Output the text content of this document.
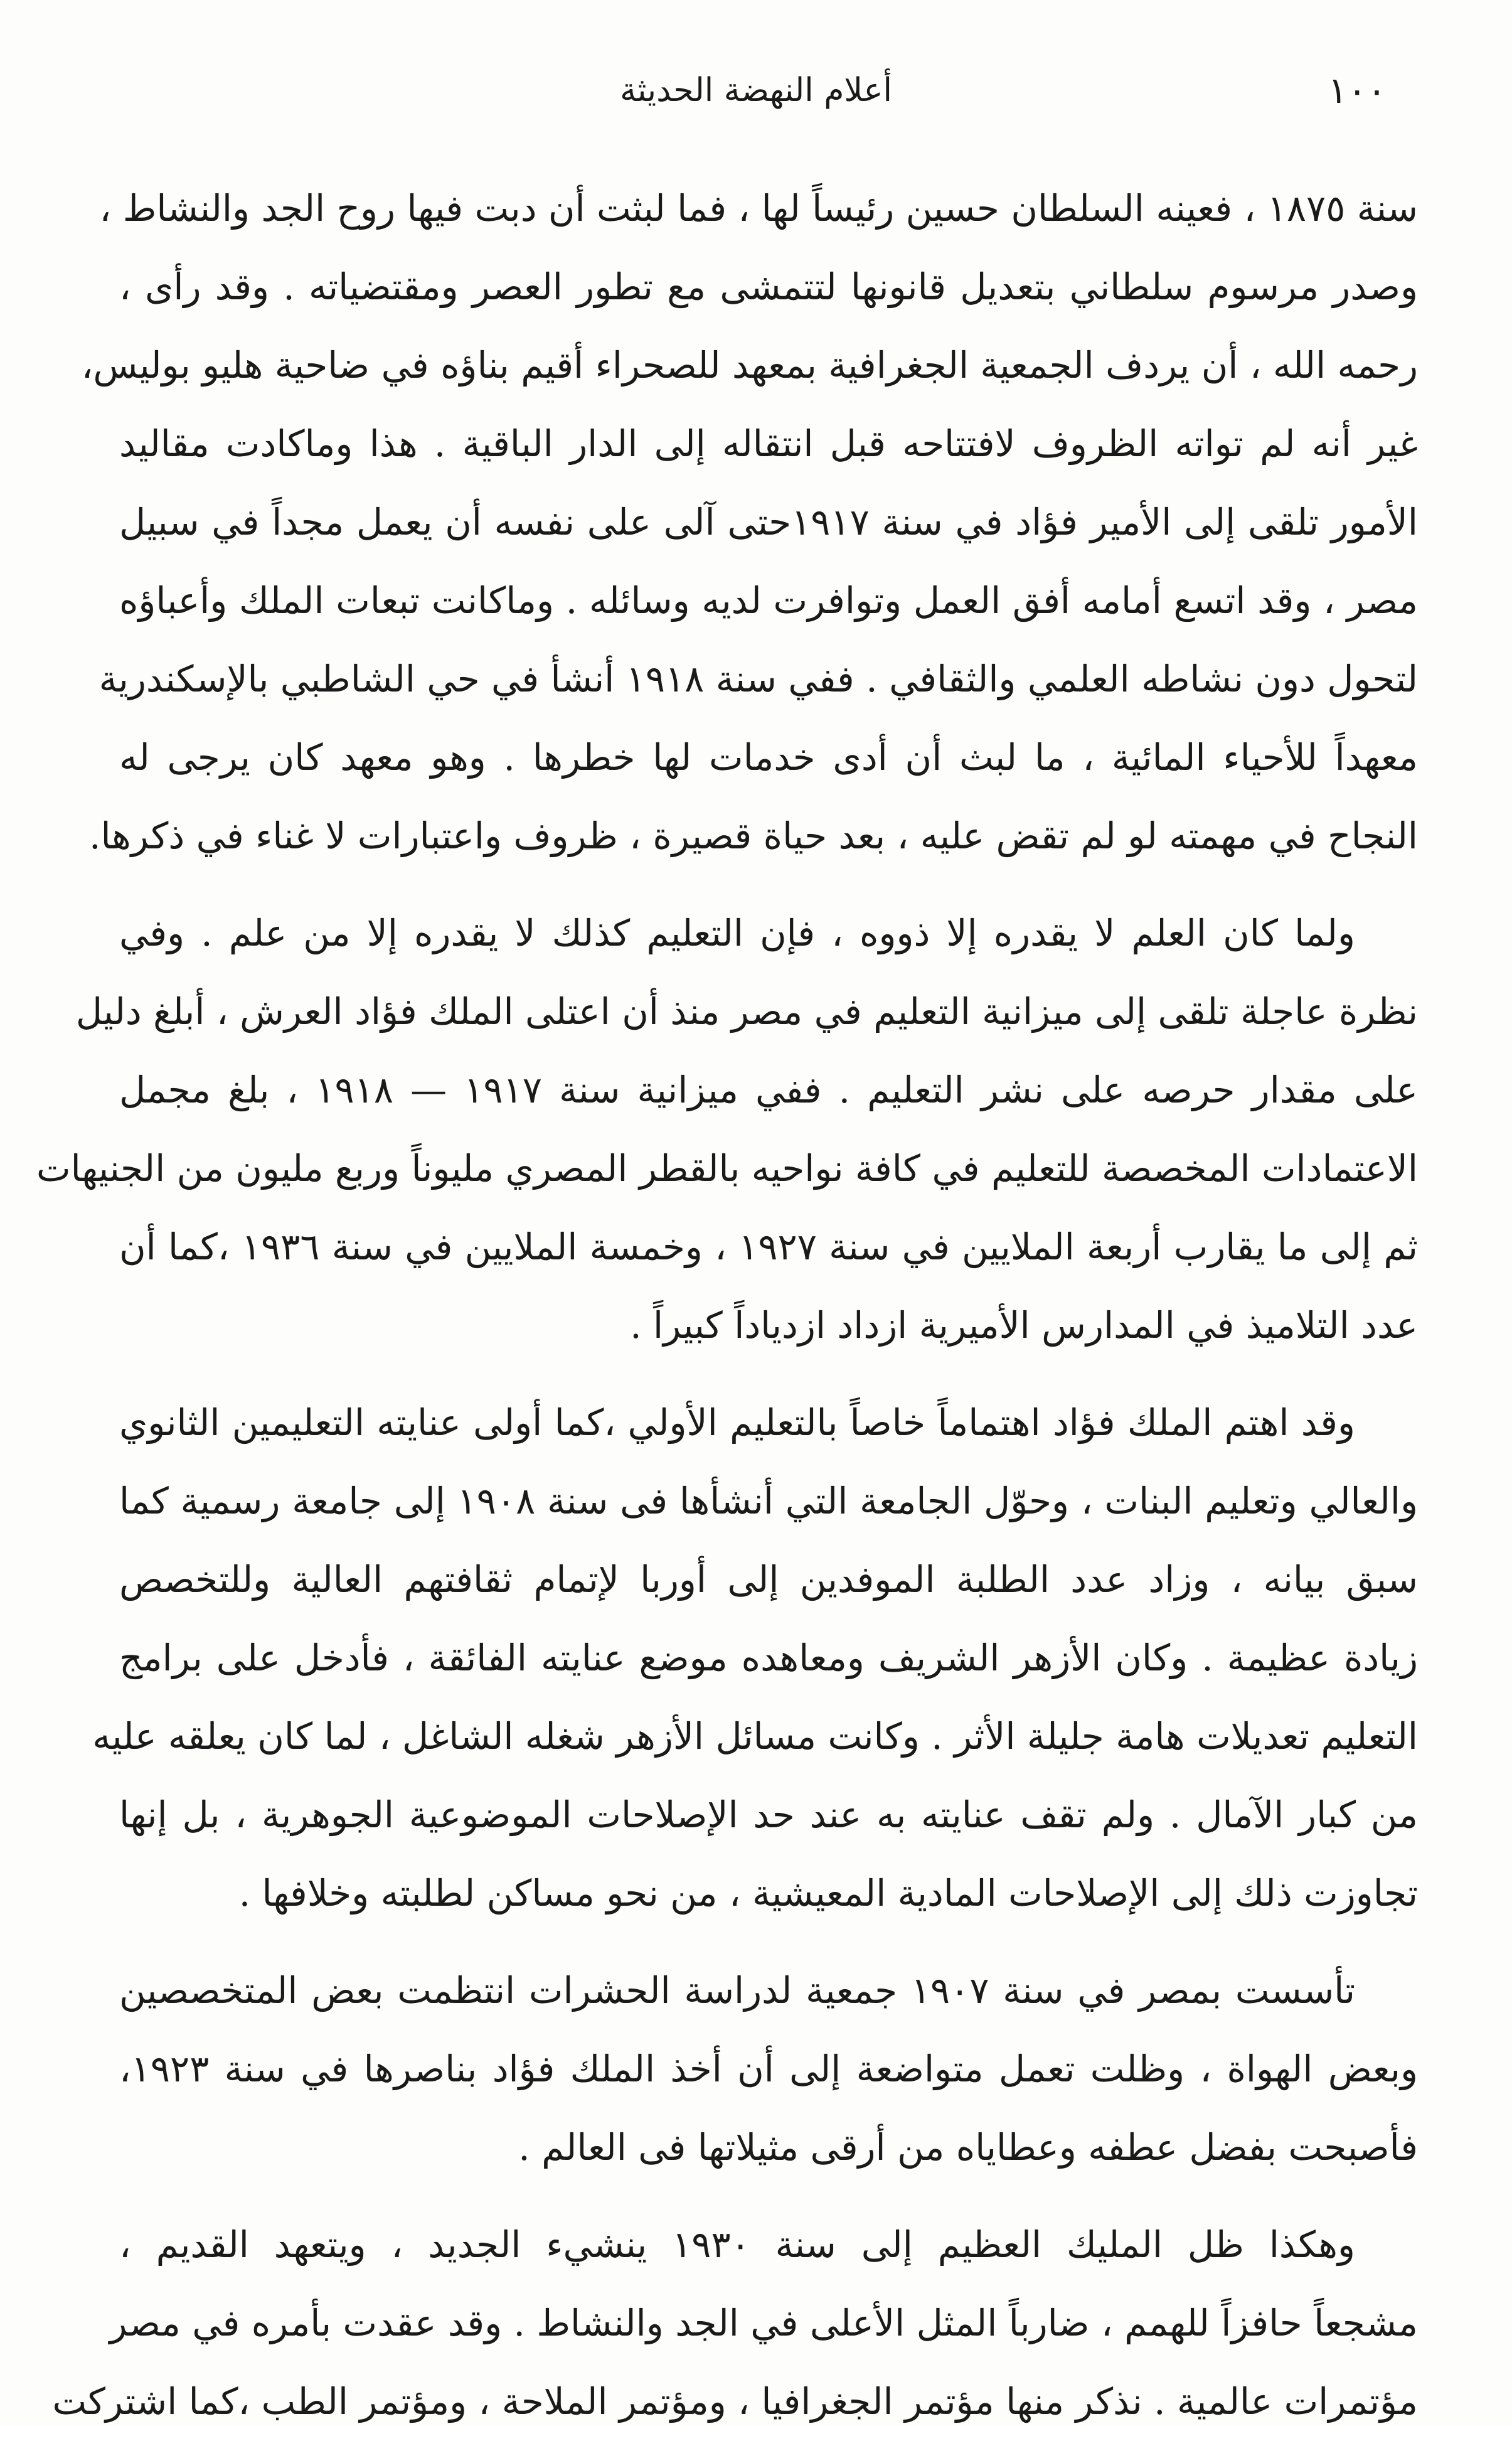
١٠٠
أعلام النهضة الحديثة

سنة ١٨٧٥ ، فعينه السلطان حسين رئيساً لها ، فما لبثت أن دبت فيها روح الجد والنشاط ،
وصدر مرسوم سلطاني بتعديل قانونها لتتمشى مع تطور العصر ومقتضياته . وقد رأى ،
رحمه الله ، أن يردف الجمعية الجغرافية بمعهد للصحراء أقيم بناؤه في ضاحية هليو بوليس،
غير أنه لم تواته الظروف لافتتاحه قبل انتقاله إلى الدار الباقية . هذا وماكادت مقاليد
الأمور تلقى إلى الأمير فؤاد في سنة ١٩١٧حتى آلى على نفسه أن يعمل مجداً في سبيل
مصر ، وقد اتسع أمامه أفق العمل وتوافرت لديه وسائله . وماكانت تبعات الملك وأعباؤه
لتحول دون نشاطه العلمي والثقافي . ففي سنة ١٩١٨ أنشأ في حي الشاطبي بالإسكندرية
معهداً للأحياء المائية ، ما لبث أن أدى خدمات لها خطرها . وهو معهد كان يرجى له
النجاح في مهمته لو لم تقض عليه ، بعد حياة قصيرة ، ظروف واعتبارات لا غناء في ذكرها.

ولما كان العلم لا يقدره إلا ذووه ، فإن التعليم كذلك لا يقدره إلا من علم . وفي
نظرة عاجلة تلقى إلى ميزانية التعليم في مصر منذ أن اعتلى الملك فؤاد العرش ، أبلغ دليل
على مقدار حرصه على نشر التعليم . ففي ميزانية سنة ١٩١٧ — ١٩١٨ ، بلغ مجمل
الاعتمادات المخصصة للتعليم في كافة نواحيه بالقطر المصري مليوناً وربع مليون من الجنيهات
ثم إلى ما يقارب أربعة الملايين في سنة ١٩٢٧ ، وخمسة الملايين في سنة ١٩٣٦ ،كما أن
عدد التلاميذ في المدارس الأميرية ازداد ازدياداً كبيراً .

وقد اهتم الملك فؤاد اهتماماً خاصاً بالتعليم الأولي ،كما أولى عنايته التعليمين الثانوي
والعالي وتعليم البنات ، وحوّل الجامعة التي أنشأها فى سنة ١٩٠٨ إلى جامعة رسمية كما
سبق بيانه ، وزاد عدد الطلبة الموفدين إلى أوربا لإتمام ثقافتهم العالية وللتخصص
زيادة عظيمة . وكان الأزهر الشريف ومعاهده موضع عنايته الفائقة ، فأدخل على برامج
التعليم تعديلات هامة جليلة الأثر . وكانت مسائل الأزهر شغله الشاغل ، لما كان يعلقه عليه
من كبار الآمال . ولم تقف عنايته به عند حد الإصلاحات الموضوعية الجوهرية ، بل إنها
تجاوزت ذلك إلى الإصلاحات المادية المعيشية ، من نحو مساكن لطلبته وخلافها .

تأسست بمصر في سنة ١٩٠٧ جمعية لدراسة الحشرات انتظمت بعض المتخصصين
وبعض الهواة ، وظلت تعمل متواضعة إلى أن أخذ الملك فؤاد بناصرها في سنة ١٩٢٣،
فأصبحت بفضل عطفه وعطاياه من أرقى مثيلاتها فى العالم .

وهكذا ظل المليك العظيم إلى سنة ١٩٣٠ ينشيء الجديد ، ويتعهد القديم ،
مشجعاً حافزاً للهمم ، ضارباً المثل الأعلى في الجد والنشاط . وقد عقدت بأمره في مصر
مؤتمرات عالمية . نذكر منها مؤتمر الجغرافيا ، ومؤتمر الملاحة ، ومؤتمر الطب ،كما اشتركت
